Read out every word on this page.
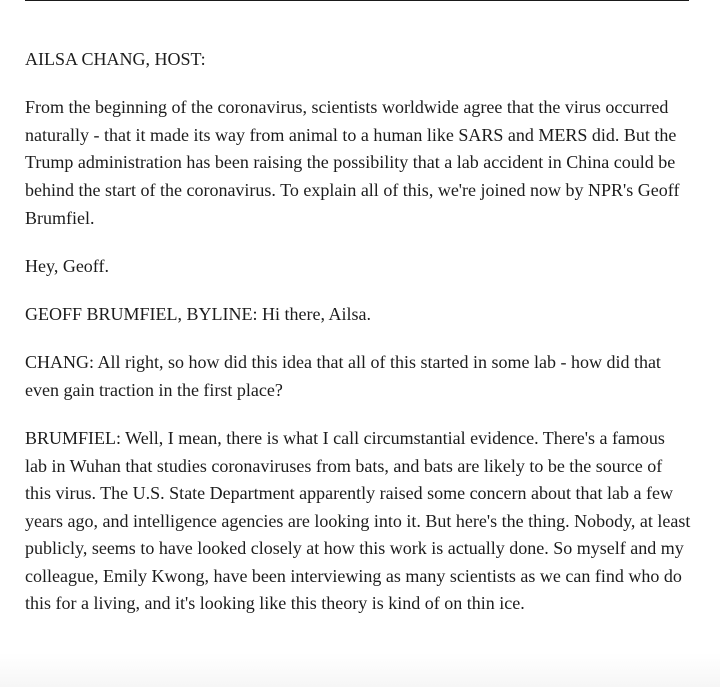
AILSA CHANG, HOST:

From the beginning of the coronavirus, scientists worldwide agree that the virus occurred naturally - that it made its way from animal to a human like SARS and MERS did. But the Trump administration has been raising the possibility that a lab accident in China could be behind the start of the coronavirus. To explain all of this, we're joined now by NPR's Geoff Brumfiel.

Hey, Geoff.

GEOFF BRUMFIEL, BYLINE: Hi there, Ailsa.

CHANG: All right, so how did this idea that all of this started in some lab - how did that even gain traction in the first place?

BRUMFIEL: Well, I mean, there is what I call circumstantial evidence. There's a famous lab in Wuhan that studies coronaviruses from bats, and bats are likely to be the source of this virus. The U.S. State Department apparently raised some concern about that lab a few years ago, and intelligence agencies are looking into it. But here's the thing. Nobody, at least publicly, seems to have looked closely at how this work is actually done. So myself and my colleague, Emily Kwong, have been interviewing as many scientists as we can find who do this for a living, and it's looking like this theory is kind of on thin ice.
